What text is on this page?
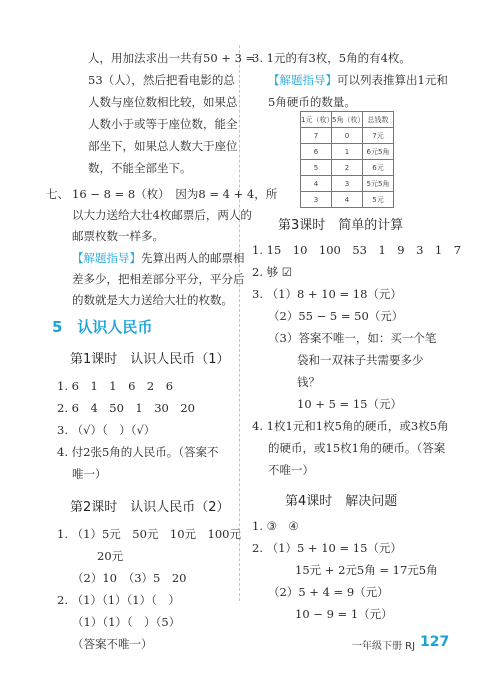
人，用加法求出一共有50 + 3 =
53（人），然后把看电影的总
人数与座位数相比较，如果总
人数小于或等于座位数，能全
部坐下，如果总人数大于座位
数，不能全部坐下。
七、 16 − 8 = 8（枚）　因为8 = 4 + 4，所
以大力送给大壮4枚邮票后，两人的
邮票枚数一样多。
【解题指导】先算出两人的邮票相
差多少，把相差部分平分，平分后
的数就是大力送给大壮的枚数。
5　认识人民币
第1课时　认识人民币（1）
1. 6　1　1　6　2　6
2. 6　4　50　1　30　20
3. （√）（　）（√）
4. 付2张5角的人民币。（答案不
唯一）
第2课时　认识人民币（2）
1. （1）5元　50元　10元　100元
20元
（2）10　（3）5　20
2. （1）（1）（1）（　）
（1）（1）（　）（5）
（答案不唯一）
3. 1元的有3枚，5角的有4枚。
【解题指导】可以列表推算出1元和
5角硬币的数量。
1元（枚）	5角（枚）	总钱数
7	0	7元
6	1	6元5角
5	2	6元
4	3	5元5角
3	4	5元
第3课时　简单的计算
1. 15　10　100　53　1　9　3　1　7
2. 够 ☑
3. （1）8 + 10 = 18（元）
（2）55 − 5 = 50（元）
（3）答案不唯一，如：买一个笔
袋和一双袜子共需要多少
钱？
10 + 5 = 15（元）
4. 1枚1元和1枚5角的硬币，或3枚5角
的硬币，或15枚1角的硬币。（答案
不唯一）
第4课时　解决问题
1. ③　④
2. （1）5 + 10 = 15（元）
15元 + 2元5角 = 17元5角
（2）5 + 4 = 9（元）
10 − 9 = 1（元）
一年级下册 RJ 127
